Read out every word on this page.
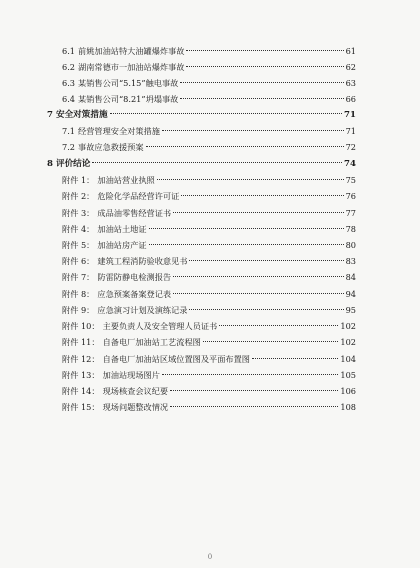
6.1 前姚加油站特大油罐爆炸事故	61
6.2 湖南常德市一加油站爆炸事故	62
6.3 某销售公司“5.15”触电事故	63
6.4 某销售公司“8.21”坍塌事故	66
7 安全对策措施	71
7.1 经营管理安全对策措施	71
7.2 事故应急救援预案	72
8 评价结论	74
附件 1： 加油站营业执照	75
附件 2： 危险化学品经营许可证	76
附件 3： 成品油零售经营证书	77
附件 4： 加油站土地证	78
附件 5： 加油站房产证	80
附件 6： 建筑工程消防验收意见书	83
附件 7： 防雷防静电检测报告	84
附件 8： 应急预案备案登记表	94
附件 9： 应急演习计划及演练记录	95
附件 10： 主要负责人及安全管理人员证书	102
附件 11： 自备电厂加油站工艺流程图	102
附件 12： 自备电厂加油站区域位置图及平面布置图	104
附件 13： 加油站现场图片	105
附件 14： 现场核查会议纪要	106
附件 15： 现场问题整改情况	108
0
